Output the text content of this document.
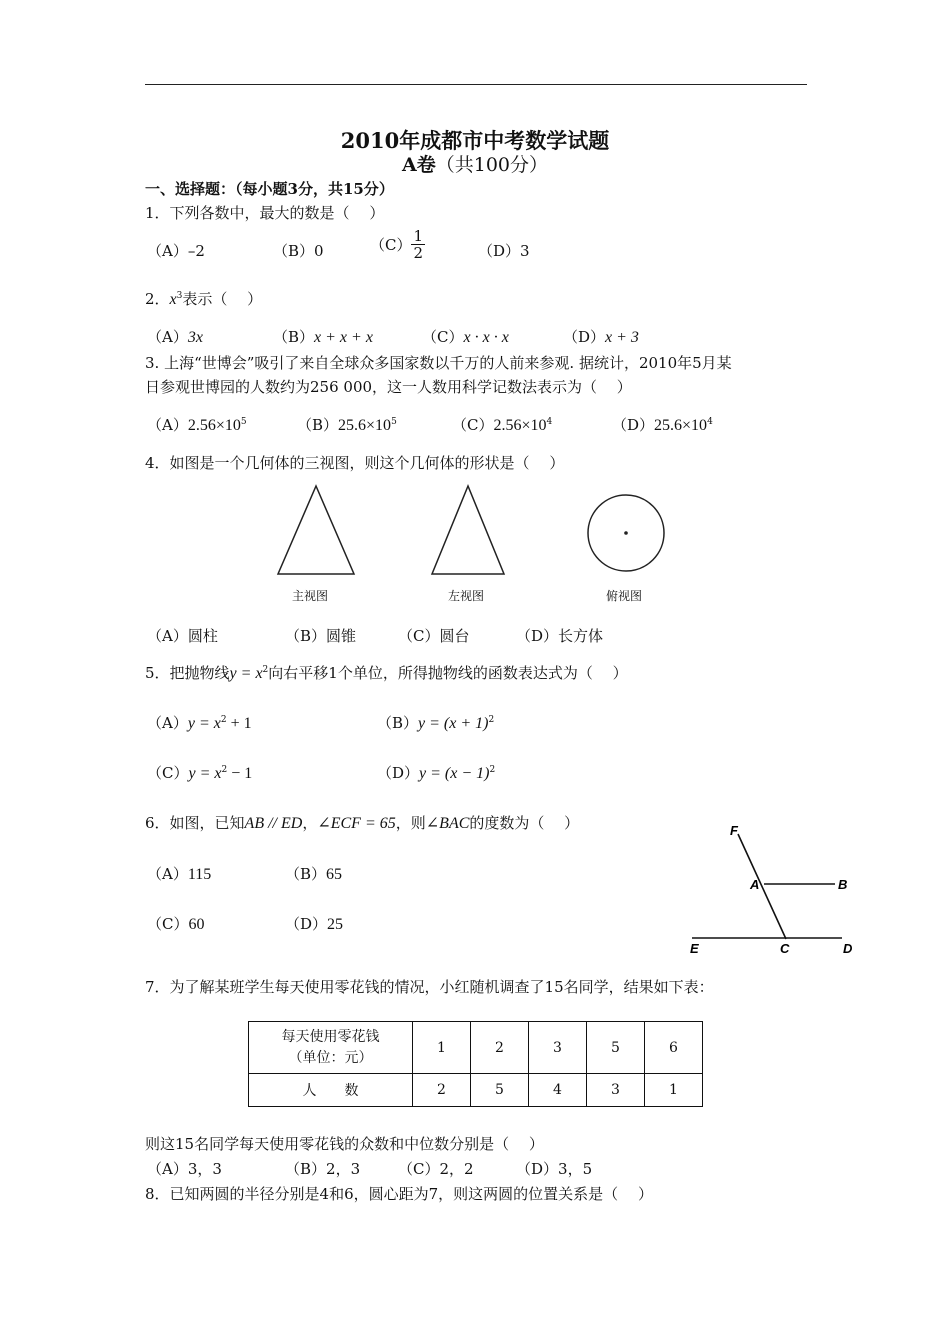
2010年成都市中考数学试题
A卷（共100分）
一、选择题：（每小题3分，共15分）
1．下列各数中，最大的数是（　 ）
（A）–2	（B）0	$(C) \frac{1}{2}$	（D）3
2．$x^3$表示（　 ）
（A）3x	（B）x + x + x	（C）x · x · x	（D）x + 3
3. 上海“世博会”吸引了来自全球众多国家数以千万的人前来参观. 据统计，2010年5月某
日参观世博园的人数约为256 000，这一人数用科学记数法表示为（　 ）
$(A)2.56\times 10^5$	$(B)25.6\times 10^5$	$(C)2.56\times 10^4$	$(D)25.6\times 10^4$
4．如图是一个几何体的三视图，则这个几何体的形状是（　 ）
主视图	左视图	俯视图
（A）圆柱	（B）圆锥	（C）圆台	（D）长方体
5．把抛物线$y = x^2$向右平移1个单位，所得抛物线的函数表达式为（　 ）
$(A)y = x^2 + 1$	$(B)y = (x + 1)^2$
$(C)y = x^2 - 1$	$(D)y = (x - 1)^2$
6．如图，已知AB // ED，∠ECF = 65，则∠BAC的度数为（　 ）
（A）115	（B）65
（C）60	（D）25
F
A	B
E	C	D
7．为了解某班学生每天使用零花钱的情况，小红随机调查了15名同学，结果如下表：
每天使用零花钱
（单位：元）	1	2	3	5	6
人　　数	2	5	4	3	1
则这15名同学每天使用零花钱的众数和中位数分别是（　 ）
（A）3，3	（B）2，3	（C）2，2	（D）3，5
8．已知两圆的半径分别是4和6，圆心距为7，则这两圆的位置关系是（　 ）
